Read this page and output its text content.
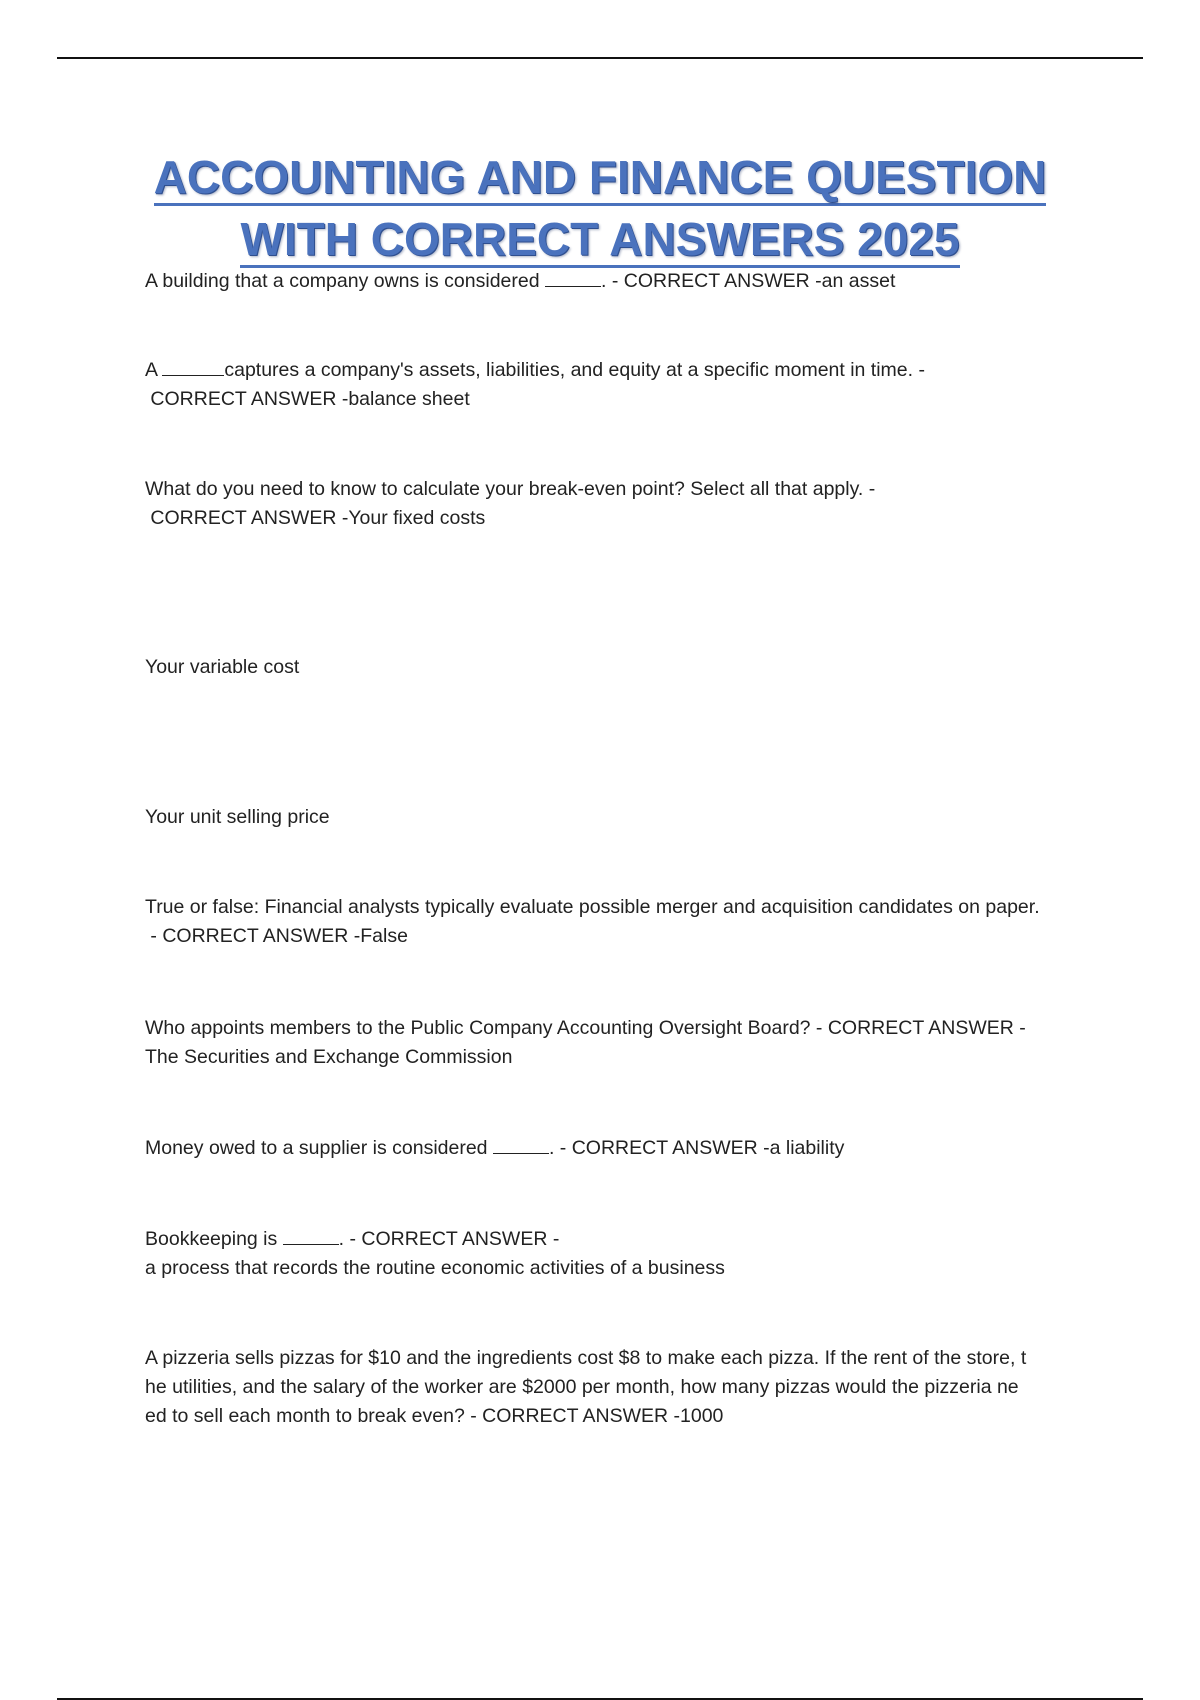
ACCOUNTING AND FINANCE QUESTION
WITH CORRECT ANSWERS 2025
A building that a company owns is considered	. - CORRECT ANSWER -an asset
A	captures a company's assets, liabilities, and equity at a specific moment in time. -
CORRECT ANSWER -balance sheet
What do you need to know to calculate your break-even point? Select all that apply. -
CORRECT ANSWER -Your fixed costs
Your variable cost
Your unit selling price
True or false: Financial analysts typically evaluate possible merger and acquisition candidates on paper.
- CORRECT ANSWER -False
Who appoints members to the Public Company Accounting Oversight Board? - CORRECT ANSWER -
The Securities and Exchange Commission
Money owed to a supplier is considered	. - CORRECT ANSWER -a liability
Bookkeeping is	. - CORRECT ANSWER -
a process that records the routine economic activities of a business
A pizzeria sells pizzas for $10 and the ingredients cost $8 to make each pizza. If the rent of the store, t
he utilities, and the salary of the worker are $2000 per month, how many pizzas would the pizzeria ne
ed to sell each month to break even? - CORRECT ANSWER -1000
